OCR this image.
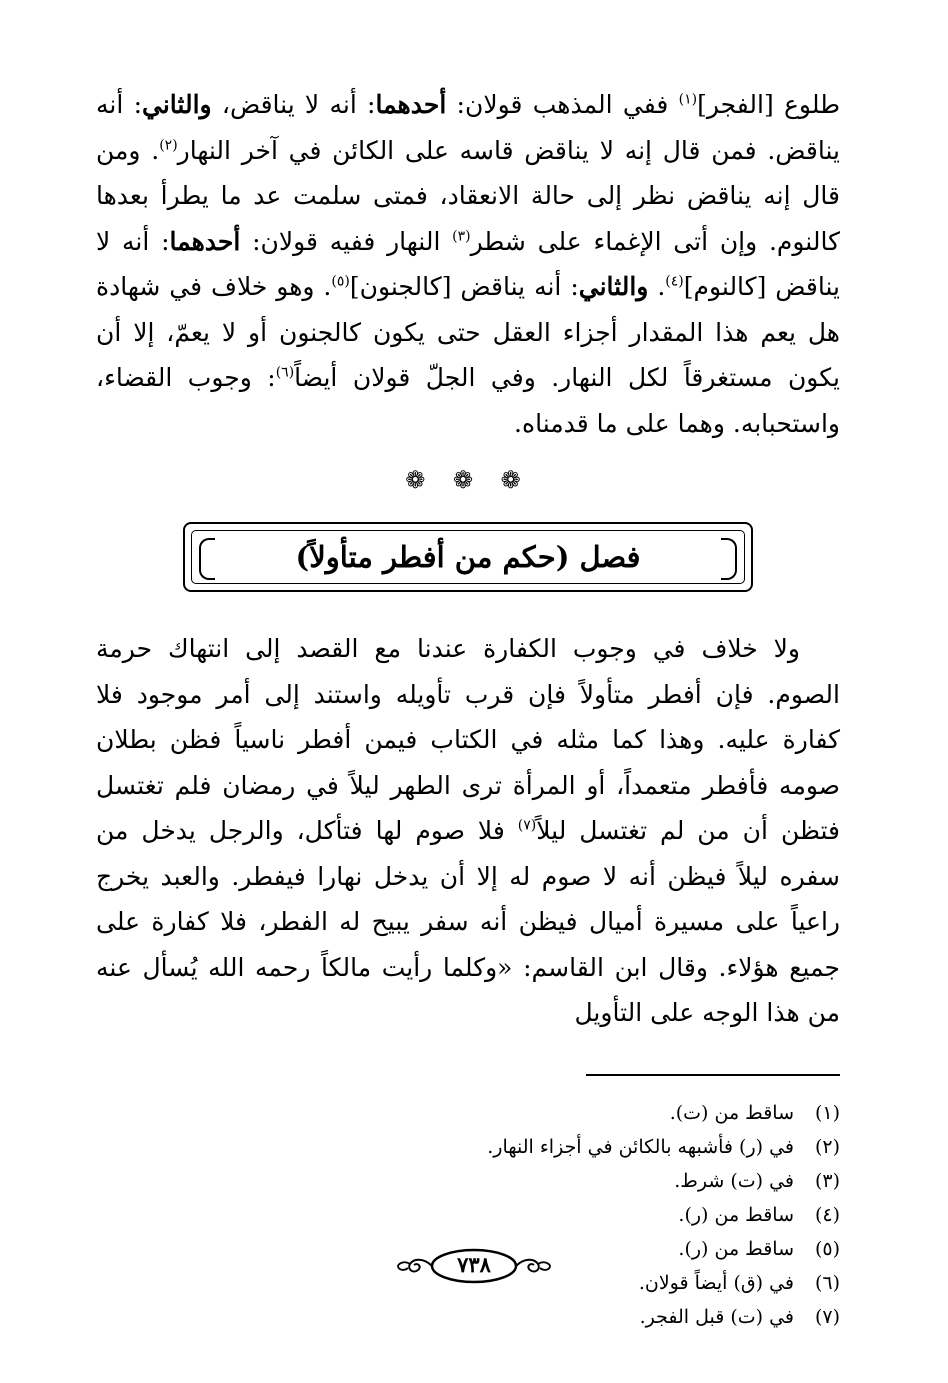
طلوع [الفجر]$^{(١)}$ ففي المذهب قولان: أحدهما: أنه لا يناقض، والثاني: أنه يناقض. فمن قال إنه لا يناقض قاسه على الكائن في آخر النهار$^{(٢)}$. ومن قال إنه يناقض نظر إلى حالة الانعقاد، فمتى سلمت عد ما يطرأ بعدها كالنوم. وإن أتى الإغماء على شطر$^{(٣)}$ النهار ففيه قولان: أحدهما: أنه لا يناقض [كالنوم]$^{(٤)}$. والثاني: أنه يناقض [كالجنون]$^{(٥)}$. وهو خلاف في شهادة هل يعم هذا المقدار أجزاء العقل حتى يكون كالجنون أو لا يعمّ، إلا أن يكون مستغرقاً لكل النهار. وفي الجلّ قولان أيضاً$^{(٦)}$: وجوب القضاء، واستحبابه. وهما على ما قدمناه.

❁ ❁ ❁
فصل (حكم من أفطر متأولاً)

ولا خلاف في وجوب الكفارة عندنا مع القصد إلى انتهاك حرمة الصوم. فإن أفطر متأولاً فإن قرب تأويله واستند إلى أمر موجود فلا كفارة عليه. وهذا كما مثله في الكتاب فيمن أفطر ناسياً فظن بطلان صومه فأفطر متعمداً، أو المرأة ترى الطهر ليلاً في رمضان فلم تغتسل فتظن أن من لم تغتسل ليلاً$^{(٧)}$ فلا صوم لها فتأكل، والرجل يدخل من سفره ليلاً فيظن أنه لا صوم له إلا أن يدخل نهارا فيفطر. والعبد يخرج راعياً على مسيرة أميال فيظن أنه سفر يبيح له الفطر، فلا كفارة على جميع هؤلاء. وقال ابن القاسم: «وكلما رأيت مالكاً رحمه الله يُسأل عنه من هذا الوجه على التأويل

(١)
ساقط من (ت).
(٢)
في (ر) فأشبهه بالكائن في أجزاء النهار.
(٣)
في (ت) شرط.
(٤)
ساقط من (ر).
(٥)
ساقط من (ر).
(٦)
في (ق) أيضاً قولان.
(٧)
في (ت) قبل الفجر.
٧٣٨
